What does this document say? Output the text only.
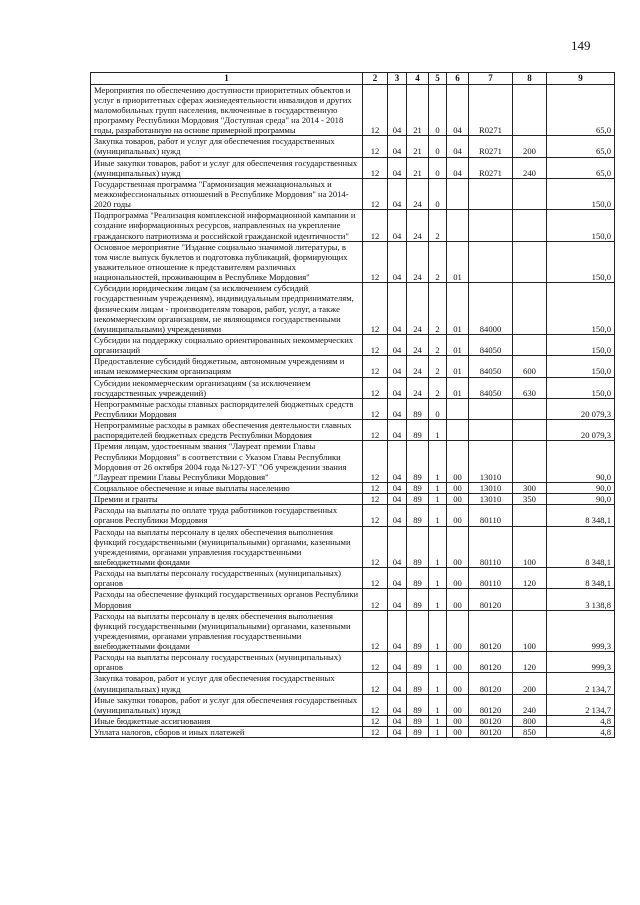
149
1	2	3	4	5	6	7	8	9
Мероприятия по обеспечению доступности приоритетных объектов и услуг в приоритетных сферах жизнедеятельности инвалидов и других маломобильных групп населения, включенные в государственную программу Республики Мордовия "Доступная среда" на 2014 - 2018 годы, разработанную на основе примерной программы	12	04	21	0	04	R0271		65,0
Закупка товаров, работ и услуг для обеспечения государственных (муниципальных) нужд	12	04	21	0	04	R0271	200	65,0
Иные закупки товаров, работ и услуг для обеспечения государственных (муниципальных) нужд	12	04	21	0	04	R0271	240	65,0
Государственная программа "Гармонизация межнациональных и межконфессиональных отношений в Республике Мордовия" на 2014-2020 годы	12	04	24	0				150,0
Подпрограмма "Реализация комплексной информационной кампании и создание информационных ресурсов, направленных на укрепление гражданского патриотизма и российской гражданской идентичности"	12	04	24	2				150,0
Основное мероприятие "Издание социально значимой литературы, в том числе выпуск буклетов и подготовка публикаций, формирующих уважительное отношение к представителям различных национальностей, проживающим в Республике Мордовия"	12	04	24	2	01			150,0
Субсидии юридическим лицам (за исключением субсидий государственным учреждениям), индивидуальным предпринимателям, физическим лицам - производителям товаров, работ, услуг, а также некоммерческим организациям, не являющимся государственными (муниципальными) учреждениями	12	04	24	2	01	84000		150,0
Субсидии на поддержку социально ориентированных некоммерческих организаций	12	04	24	2	01	84050		150,0
Предоставление субсидий бюджетным, автономным учреждениям и иным некоммерческим организациям	12	04	24	2	01	84050	600	150,0
Субсидии некоммерческим организациям (за исключением государственных учреждений)	12	04	24	2	01	84050	630	150,0
Непрограммные расходы главных распорядителей бюджетных средств Республики Мордовия	12	04	89	0				20 079,3
Непрограммные расходы в рамках обеспечения деятельности главных распорядителей бюджетных средств Республики Мордовия	12	04	89	1				20 079,3
Премия лицам, удостоенным звания "Лауреат премии Главы Республики Мордовия" в соответствии с Указом Главы Республики Мордовия от 26 октября 2004 года №127-УГ "Об учреждении звания "Лауреат премии Главы Республики Мордовия"	12	04	89	1	00	13010		90,0
Социальное обеспечение и иные выплаты населению	12	04	89	1	00	13010	300	90,0
Премии и гранты	12	04	89	1	00	13010	350	90,0
Расходы на выплаты по оплате труда работников государственных органов Республики Мордовия	12	04	89	1	00	80110		8 348,1
Расходы на выплаты персоналу в целях обеспечения выполнения функций государственными (муниципальными) органами, казенными учреждениями, органами управления государственными внебюджетными фондами	12	04	89	1	00	80110	100	8 348,1
Расходы на выплаты персоналу государственных (муниципальных) органов	12	04	89	1	00	80110	120	8 348,1
Расходы на обеспечение функций государственных органов Республики Мордовия	12	04	89	1	00	80120		3 138,8
Расходы на выплаты персоналу в целях обеспечения выполнения функций государственными (муниципальными) органами, казенными учреждениями, органами управления государственными внебюджетными фондами	12	04	89	1	00	80120	100	999,3
Расходы на выплаты персоналу государственных (муниципальных) органов	12	04	89	1	00	80120	120	999,3
Закупка товаров, работ и услуг для обеспечения государственных (муниципальных) нужд	12	04	89	1	00	80120	200	2 134,7
Иные закупки товаров, работ и услуг для обеспечения государственных (муниципальных) нужд	12	04	89	1	00	80120	240	2 134,7
Иные бюджетные ассигнования	12	04	89	1	00	80120	800	4,8
Уплата налогов, сборов и иных платежей	12	04	89	1	00	80120	850	4,8
